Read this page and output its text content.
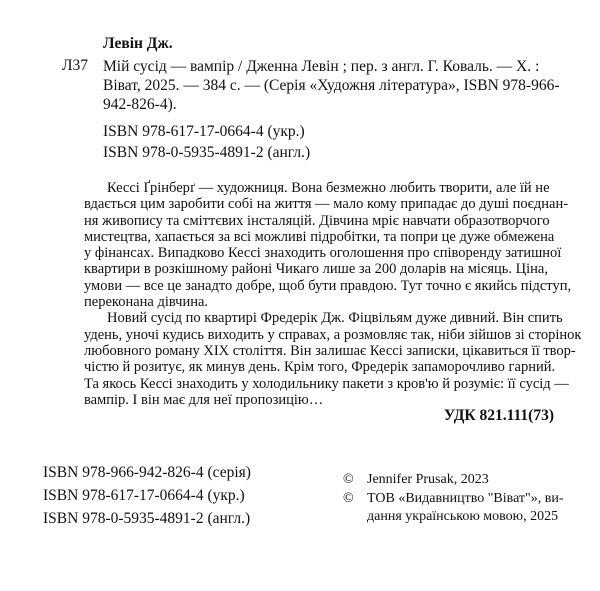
Левін Дж.
Л37 Мій сусід — вампір / Дженна Левін ; пер. з англ. Г. Коваль. — Х. :
Віват, 2025. — 384 с. — (Серія «Художня література», ISBN 978-966-
942-826-4).
ISBN 978-617-17-0664-4 (укр.)
ISBN 978-0-5935-4891-2 (англ.)
Кессі Ґрінберґ — художниця. Вона безмежно любить творити, але їй не
вдається цим заробити собі на життя — мало кому припадає до душі поєднан-
ня живопису та сміттєвих інсталяцій. Дівчина мріє навчати образотворчого
мистецтва, хапається за всі можливі підробітки, та попри це дуже обмежена
у фінансах. Випадково Кессі знаходить оголошення про співоренду затишної
квартири в розкішному районі Чикаго лише за 200 доларів на місяць. Ціна,
умови — все це занадто добре, щоб бути правдою. Тут точно є якийсь підступ,
переконана дівчина.
Новий сусід по квартирі Фредерік Дж. Фіцвільям дуже дивний. Він спить
удень, уночі кудись виходить у справах, а розмовляє так, ніби зійшов зі сторінок
любовного роману XIX століття. Він залишає Кессі записки, цікавиться її твор-
чістю й розитує, як минув день. Крім того, Фредерік запаморочливо гарний.
Та якось Кессі знаходить у холодильнику пакети з кров'ю й розуміє: її сусід —
вампір. І він має для неї пропозицію…
УДК 821.111(73)
ISBN 978-966-942-826-4 (серія)
ISBN 978-617-17-0664-4 (укр.)
ISBN 978-0-5935-4891-2 (англ.)
© Jennifer Prusak, 2023
© ТОВ «Видавництво "Віват"», ви-
дання українською мовою, 2025
